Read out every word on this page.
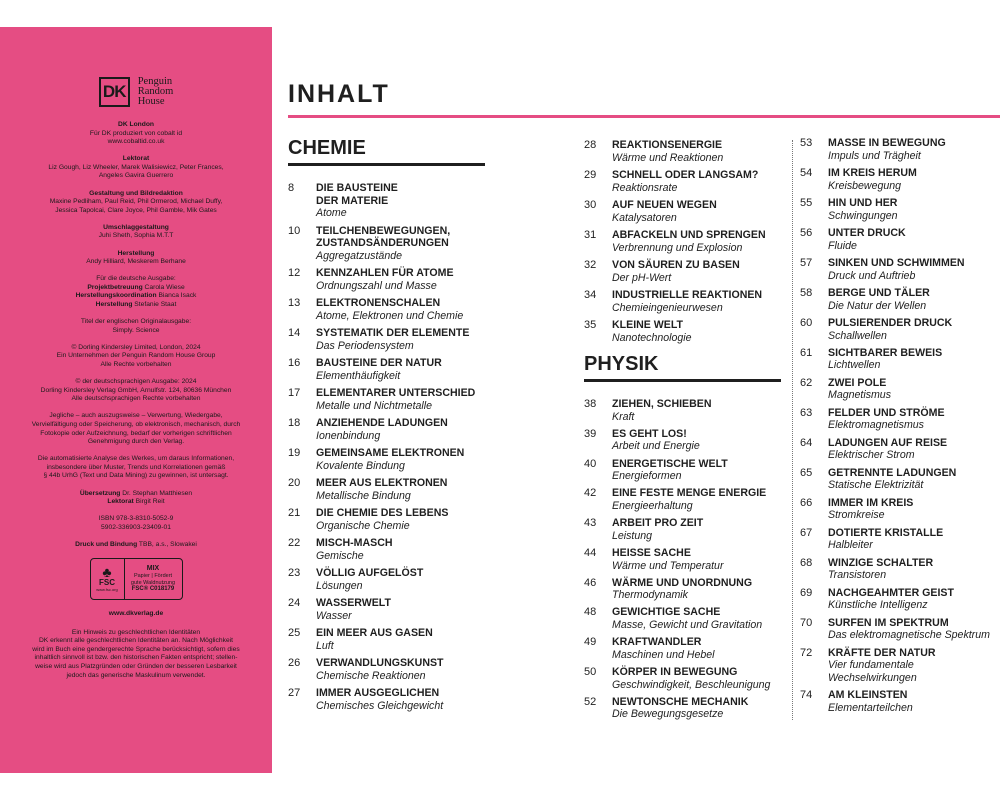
DK
Penguin
Random
House
DK London
Für DK produziert von cobalt id
www.cobaltid.co.uk

Lektorat
Liz Gough, Liz Wheeler, Marek Walisiewicz, Peter Frances,
Angeles Gavira Guerrero

Gestaltung und Bildredaktion
Maxine Pedliham, Paul Reid, Phil Ormerod, Michael Duffy,
Jessica Tapolcai, Clare Joyce, Phil Gamble, Mik Gates

Umschlaggestaltung
Juhi Sheth, Sophia M.T.T

Herstellung
Andy Hilliard, Meskerem Berhane

Für die deutsche Ausgabe:
Projektbetreuung Carola Wiese
Herstellungskoordination Bianca Isack
Herstellung Stefanie Staat

Titel der englischen Originalausgabe:
Simply. Science

© Dorling Kindersley Limited, London, 2024
Ein Unternehmen der Penguin Random House Group
Alle Rechte vorbehalten

© der deutschsprachigen Ausgabe: 2024
Dorling Kindersley Verlag GmbH, Arnulfstr. 124, 80636 München
Alle deutschsprachigen Rechte vorbehalten

Jegliche – auch auszugsweise – Verwertung, Wiedergabe,
Vervielfältigung oder Speicherung, ob elektronisch, mechanisch, durch
Fotokopie oder Aufzeichnung, bedarf der vorherigen schriftlichen
Genehmigung durch den Verlag.

Die automatisierte Analyse des Werkes, um daraus Informationen,
insbesondere über Muster, Trends und Korrelationen gemäß
§ 44b UrhG (Text und Data Mining) zu gewinnen, ist untersagt.

Übersetzung Dr. Stephan Matthiesen
Lektorat Birgit Reit

ISBN 978-3-8310-5052-9
5902-336903-23409-01

Druck und Bindung TBB, a.s., Slowakei

♣
FSC
www.fsc.org
MIX
Papier | Fördert
gute Waldnutzung
FSC® C018179
www.dkverlag.de
Ein Hinweis zu geschlechtlichen Identitäten
DK erkennt alle geschlechtlichen Identitäten an. Nach Möglichkeit
wird im Buch eine gendergerechte Sprache berücksichtigt, sofern dies
inhaltlich sinnvoll ist bzw. den historischen Fakten entspricht; stellen-
weise wird aus Platzgründen oder Gründen der besseren Lesbarkeit
jedoch das generische Maskulinum verwendet.
INHALT
CHEMIE
8	DIE BAUSTEINE
DER MATERIE
Atome
10	TEILCHENBEWEGUNGEN,
ZUSTANDSÄNDERUNGEN
Aggregatzustände
12	KENNZAHLEN FÜR ATOME
Ordnungszahl und Masse
13	ELEKTRONENSCHALEN
Atome, Elektronen und Chemie
14	SYSTEMATIK DER ELEMENTE
Das Periodensystem
16	BAUSTEINE DER NATUR
Elementhäufigkeit
17	ELEMENTARER UNTERSCHIED
Metalle und Nichtmetalle
18	ANZIEHENDE LADUNGEN
Ionenbindung
19	GEMEINSAME ELEKTRONEN
Kovalente Bindung
20	MEER AUS ELEKTRONEN
Metallische Bindung
21	DIE CHEMIE DES LEBENS
Organische Chemie
22	MISCH-MASCH
Gemische
23	VÖLLIG AUFGELÖST
Lösungen
24	WASSERWELT
Wasser
25	EIN MEER AUS GASEN
Luft
26	VERWANDLUNGSKUNST
Chemische Reaktionen
27	IMMER AUSGEGLICHEN
Chemisches Gleichgewicht
28	REAKTIONSENERGIE
Wärme und Reaktionen
29	SCHNELL ODER LANGSAM?
Reaktionsrate
30	AUF NEUEN WEGEN
Katalysatoren
31	ABFACKELN UND SPRENGEN
Verbrennung und Explosion
32	VON SÄUREN ZU BASEN
Der pH-Wert
34	INDUSTRIELLE REAKTIONEN
Chemieingenieurwesen
35	KLEINE WELT
Nanotechnologie
PHYSIK
38	ZIEHEN, SCHIEBEN
Kraft
39	ES GEHT LOS!
Arbeit und Energie
40	ENERGETISCHE WELT
Energieformen
42	EINE FESTE MENGE ENERGIE
Energieerhaltung
43	ARBEIT PRO ZEIT
Leistung
44	HEISSE SACHE
Wärme und Temperatur
46	WÄRME UND UNORDNUNG
Thermodynamik
48	GEWICHTIGE SACHE
Masse, Gewicht und Gravitation
49	KRAFTWANDLER
Maschinen und Hebel
50	KÖRPER IN BEWEGUNG
Geschwindigkeit, Beschleunigung
52	NEWTONSCHE MECHANIK
Die Bewegungsgesetze
53	MASSE IN BEWEGUNG
Impuls und Trägheit
54	IM KREIS HERUM
Kreisbewegung
55	HIN UND HER
Schwingungen
56	UNTER DRUCK
Fluide
57	SINKEN UND SCHWIMMEN
Druck und Auftrieb
58	BERGE UND TÄLER
Die Natur der Wellen
60	PULSIERENDER DRUCK
Schallwellen
61	SICHTBARER BEWEIS
Lichtwellen
62	ZWEI POLE
Magnetismus
63	FELDER UND STRÖME
Elektromagnetismus
64	LADUNGEN AUF REISE
Elektrischer Strom
65	GETRENNTE LADUNGEN
Statische Elektrizität
66	IMMER IM KREIS
Stromkreise
67	DOTIERTE KRISTALLE
Halbleiter
68	WINZIGE SCHALTER
Transistoren
69	NACHGEAHMTER GEIST
Künstliche Intelligenz
70	SURFEN IM SPEKTRUM
Das elektromagnetische Spektrum
72	KRÄFTE DER NATUR
Vier fundamentale
Wechselwirkungen
74	AM KLEINSTEN
Elementarteilchen
